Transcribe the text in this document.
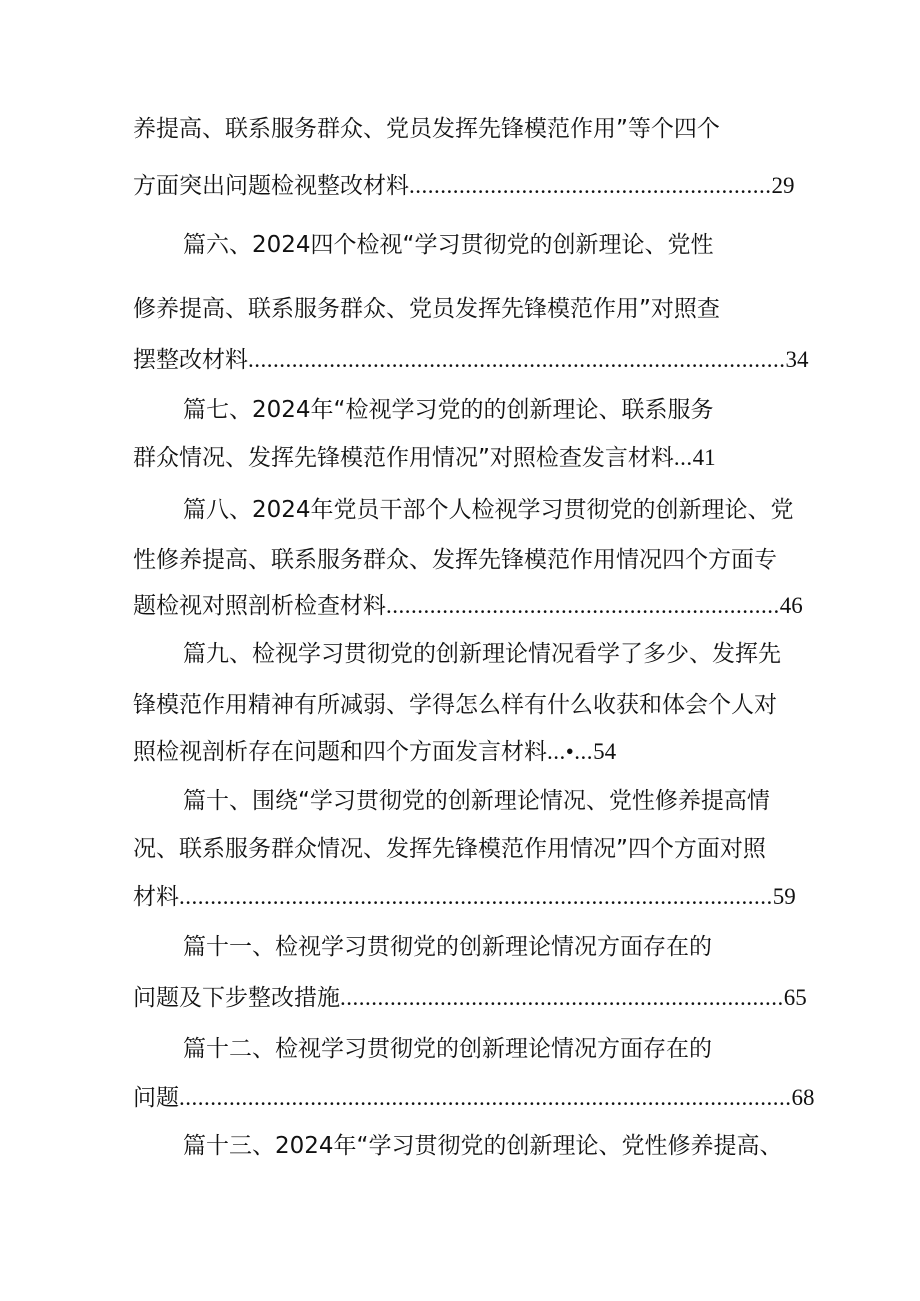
养提高、联系服务群众、党员发挥先锋模范作用”等个四个
方面突出问题检视整改材料..........................................................29
篇六、2024四个检视“学习贯彻党的创新理论、党性
修养提高、联系服务群众、党员发挥先锋模范作用”对照查
摆整改材料......................................................................................34
篇七、2024年“检视学习党的的创新理论、联系服务
群众情况、发挥先锋模范作用情况”对照检查发言材料...41
篇八、2024年党员干部个人检视学习贯彻党的创新理论、党
性修养提高、联系服务群众、发挥先锋模范作用情况四个方面专
题检视对照剖析检查材料...............................................................46
篇九、检视学习贯彻党的创新理论情况看学了多少、发挥先
锋模范作用精神有所减弱、学得怎么样有什么收获和体会个人对
照检视剖析存在问题和四个方面发言材料...•...54
篇十、围绕“学习贯彻党的创新理论情况、党性修养提高情
况、联系服务群众情况、发挥先锋模范作用情况”四个方面对照
材料...............................................................................................59
篇十一、检视学习贯彻党的创新理论情况方面存在的
问题及下步整改措施.......................................................................65
篇十二、检视学习贯彻党的创新理论情况方面存在的
问题..................................................................................................68
篇十三、2024年“学习贯彻党的创新理论、党性修养提高、
